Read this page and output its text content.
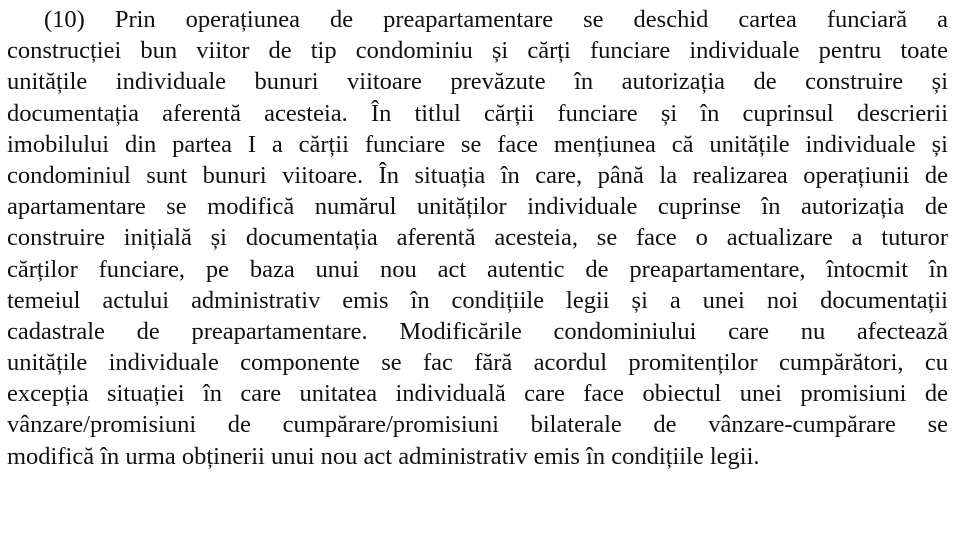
(10) Prin operațiunea de preapartamentare se deschid cartea funciară a
construcției bun viitor de tip condominiu și cărți funciare individuale pentru toate
unitățile individuale bunuri viitoare prevăzute în autorizația de construire și
documentația aferentă acesteia. În titlul cărții funciare și în cuprinsul descrierii
imobilului din partea I a cărții funciare se face mențiunea că unitățile individuale și
condominiul sunt bunuri viitoare. În situația în care, până la realizarea operațiunii de
apartamentare se modifică numărul unităților individuale cuprinse în autorizația de
construire inițială și documentația aferentă acesteia, se face o actualizare a tuturor
cărților funciare, pe baza unui nou act autentic de preapartamentare, întocmit în
temeiul actului administrativ emis în condițiile legii și a unei noi documentații
cadastrale de preapartamentare. Modificările condominiului care nu afectează
unitățile individuale componente se fac fără acordul promitenților cumpărători, cu
excepția situației în care unitatea individuală care face obiectul unei promisiuni de
vânzare/promisiuni de cumpărare/promisiuni bilaterale de vânzare-cumpărare se
modifică în urma obținerii unui nou act administrativ emis în condițiile legii.
